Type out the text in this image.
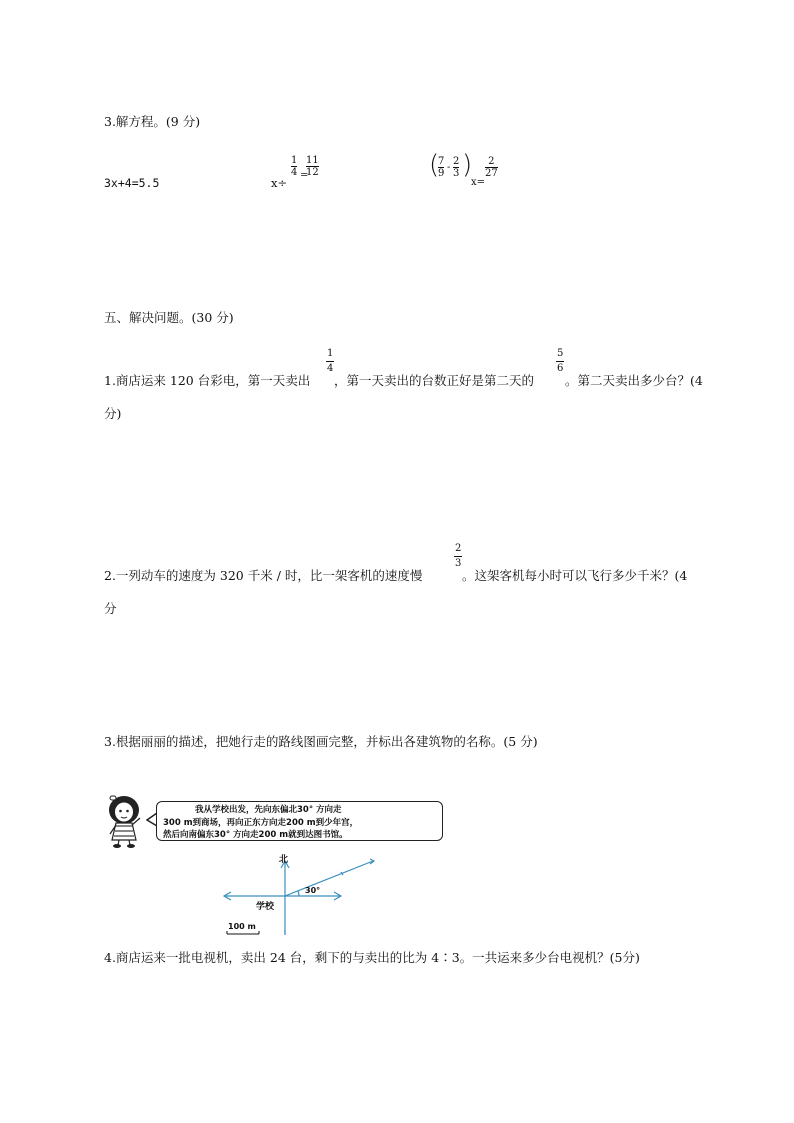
3.解方程。(9 分)
3x+4=5.5	x÷
$\frac{1}{4}$ =
$\frac{11}{12}$	(
$\frac{7}{9} - \frac{2}{3}$ )
x=
$\frac{2}{27}$
五、解决问题。(30 分)
1.商店运来 120 台彩电，第一天卖出
1
4
，第一天卖出的台数正好是第二天的
5
6
。第二天卖出多少台？(4
分)
2.一列动车的速度为 320 千米 / 时，比一架客机的速度慢
2
3
。这架客机每小时可以飞行多少千米？(4
分
3.根据丽丽的描述，把她行走的路线图画完整，并标出各建筑物的名称。(5 分)
我从学校出发，先向东偏北30° 方向走
300 m到商场，再向正东方向走200 m到少年宫，
然后向南偏东30° 方向走200 m就到达图书馆。
北
30°
学校
100 m
4.商店运来一批电视机，卖出 24 台，剩下的与卖出的比为 4∶3。一共运来多少台电视机？(5分)
